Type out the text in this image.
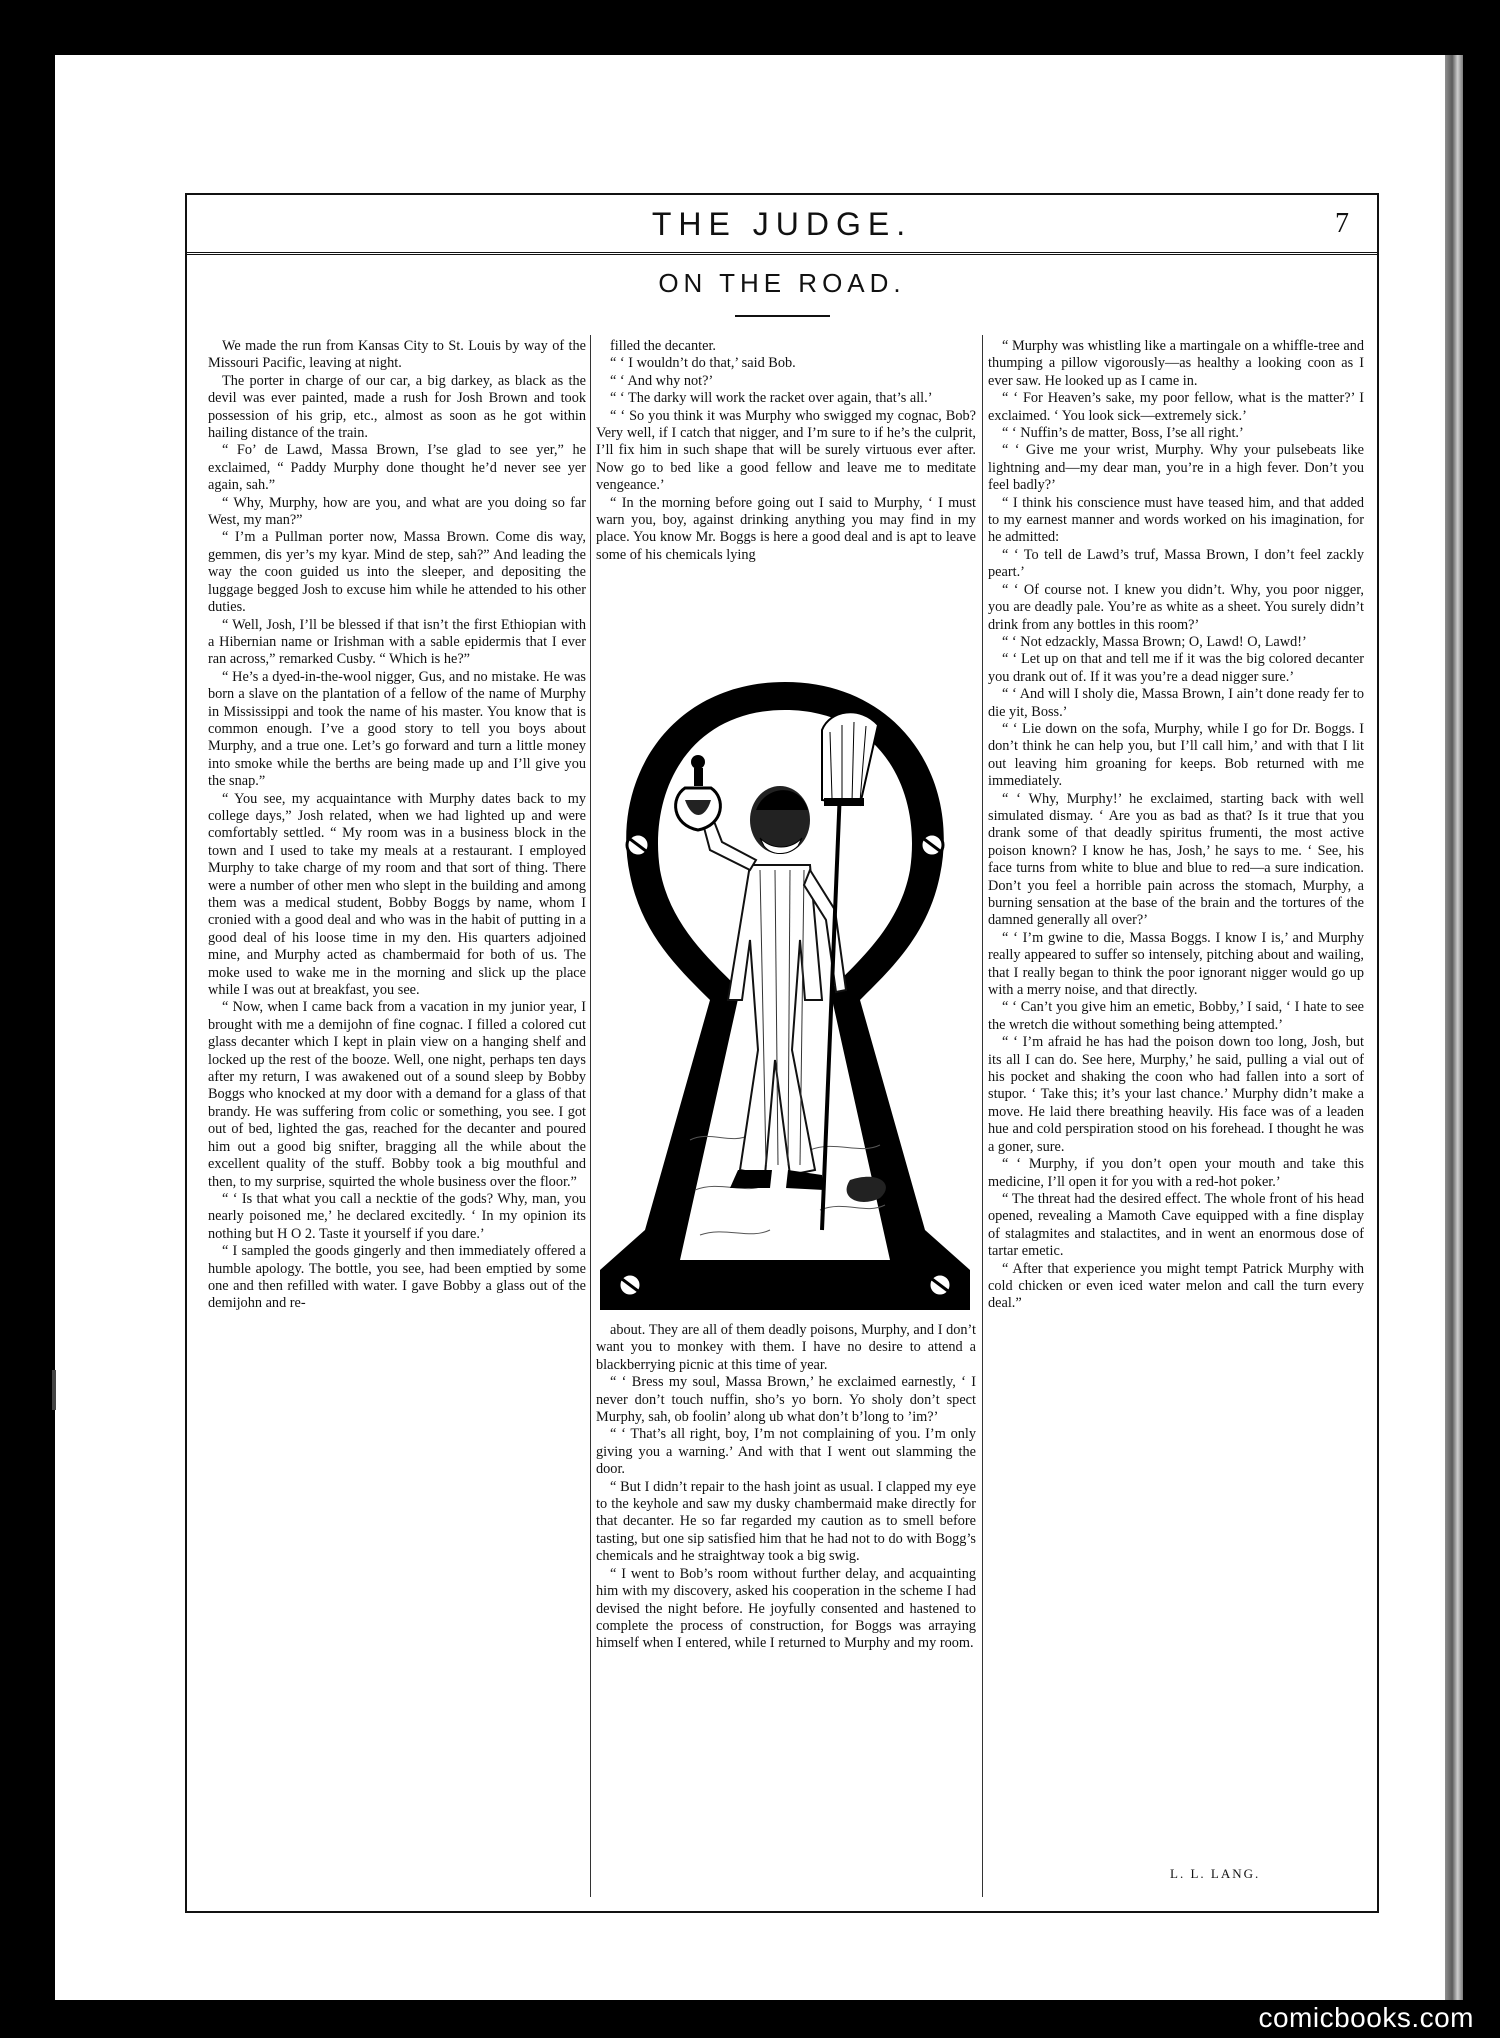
THE JUDGE.	7
ON THE ROAD.

We made the run from Kansas City to St. Louis by way of the Missouri Pacific, leaving at night.

The porter in charge of our car, a big darkey, as black as the devil was ever painted, made a rush for Josh Brown and took possession of his grip, etc., almost as soon as he got within hailing distance of the train.

“ Fo’ de Lawd, Massa Brown, I’se glad to see yer,” he exclaimed, “ Paddy Murphy done thought he’d never see yer again, sah.”

“ Why, Murphy, how are you, and what are you doing so far West, my man?”

“ I’m a Pullman porter now, Massa Brown. Come dis way, gemmen, dis yer’s my kyar. Mind de step, sah?” And leading the way the coon guided us into the sleeper, and depositing the luggage begged Josh to excuse him while he attended to his other duties.

“ Well, Josh, I’ll be blessed if that isn’t the first Ethiopian with a Hibernian name or Irishman with a sable epidermis that I ever ran across,” remarked Cusby. “ Which is he?”

“ He’s a dyed-in-the-wool nigger, Gus, and no mistake. He was born a slave on the plantation of a fellow of the name of Murphy in Mississippi and took the name of his master. You know that is common enough. I’ve a good story to tell you boys about Murphy, and a true one. Let’s go forward and turn a little money into smoke while the berths are being made up and I’ll give you the snap.”

“ You see, my acquaintance with Murphy dates back to my college days,” Josh related, when we had lighted up and were comfortably settled. “ My room was in a business block in the town and I used to take my meals at a restaurant. I employed Murphy to take charge of my room and that sort of thing. There were a number of other men who slept in the building and among them was a medical student, Bobby Boggs by name, whom I cronied with a good deal and who was in the habit of putting in a good deal of his loose time in my den. His quarters adjoined mine, and Murphy acted as chambermaid for both of us. The moke used to wake me in the morning and slick up the place while I was out at breakfast, you see.

“ Now, when I came back from a vacation in my junior year, I brought with me a demijohn of fine cognac. I filled a colored cut glass decanter which I kept in plain view on a hanging shelf and locked up the rest of the booze. Well, one night, perhaps ten days after my return, I was awakened out of a sound sleep by Bobby Boggs who knocked at my door with a demand for a glass of that brandy. He was suffering from colic or something, you see. I got out of bed, lighted the gas, reached for the decanter and poured him out a good big snifter, bragging all the while about the excellent quality of the stuff. Bobby took a big mouthful and then, to my surprise, squirted the whole business over the floor.”

“ ‘ Is that what you call a necktie of the gods? Why, man, you nearly poisoned me,’ he declared excitedly. ‘ In my opinion its nothing but H O 2. Taste it yourself if you dare.’

“ I sampled the goods gingerly and then immediately offered a humble apology. The bottle, you see, had been emptied by some one and then refilled with water. I gave Bobby a glass out of the demijohn and re-

filled the decanter.

“ ‘ I wouldn’t do that,’ said Bob.

“ ‘ And why not?’

“ ‘ The darky will work the racket over again, that’s all.’

“ ‘ So you think it was Murphy who swigged my cognac, Bob? Very well, if I catch that nigger, and I’m sure to if he’s the culprit, I’ll fix him in such shape that will be surely virtuous ever after. Now go to bed like a good fellow and leave me to meditate vengeance.’

“ In the morning before going out I said to Murphy, ‘ I must warn you, boy, against drinking anything you may find in my place. You know Mr. Boggs is here a good deal and is apt to leave some of his chemicals lying

about. They are all of them deadly poisons, Murphy, and I don’t want you to monkey with them. I have no desire to attend a blackberrying picnic at this time of year.

“ ‘ Bress my soul, Massa Brown,’ he exclaimed earnestly, ‘ I never don’t touch nuffin, sho’s yo born. Yo sholy don’t spect Murphy, sah, ob foolin’ along ub what don’t b’long to ’im?’

“ ‘ That’s all right, boy, I’m not complaining of you. I’m only giving you a warning.’ And with that I went out slamming the door.

“ But I didn’t repair to the hash joint as usual. I clapped my eye to the keyhole and saw my dusky chambermaid make directly for that decanter. He so far regarded my caution as to smell before tasting, but one sip satisfied him that he had not to do with Bogg’s chemicals and he straightway took a big swig.

“ I went to Bob’s room without further delay, and acquainting him with my discovery, asked his cooperation in the scheme I had devised the night before. He joyfully consented and hastened to complete the process of construction, for Boggs was arraying himself when I entered, while I returned to Murphy and my room.

“ Murphy was whistling like a martingale on a whiffle-tree and thumping a pillow vigorously—as healthy a looking coon as I ever saw. He looked up as I came in.

“ ‘ For Heaven’s sake, my poor fellow, what is the matter?’ I exclaimed. ‘ You look sick—extremely sick.’

“ ‘ Nuffin’s de matter, Boss, I’se all right.’

“ ‘ Give me your wrist, Murphy. Why your pulsebeats like lightning and—my dear man, you’re in a high fever. Don’t you feel badly?’

“ I think his conscience must have teased him, and that added to my earnest manner and words worked on his imagination, for he admitted:

“ ‘ To tell de Lawd’s truf, Massa Brown, I don’t feel zackly peart.’

“ ‘ Of course not. I knew you didn’t. Why, you poor nigger, you are deadly pale. You’re as white as a sheet. You surely didn’t drink from any bottles in this room?’

“ ‘ Not edzackly, Massa Brown; O, Lawd! O, Lawd!’

“ ‘ Let up on that and tell me if it was the big colored decanter you drank out of. If it was you’re a dead nigger sure.’

“ ‘ And will I sholy die, Massa Brown, I ain’t done ready fer to die yit, Boss.’

“ ‘ Lie down on the sofa, Murphy, while I go for Dr. Boggs. I don’t think he can help you, but I’ll call him,’ and with that I lit out leaving him groaning for keeps. Bob returned with me immediately.

“ ‘ Why, Murphy!’ he exclaimed, starting back with well simulated dismay. ‘ Are you as bad as that? Is it true that you drank some of that deadly spiritus frumenti, the most active poison known? I know he has, Josh,’ he says to me. ‘ See, his face turns from white to blue and blue to red—a sure indication. Don’t you feel a horrible pain across the stomach, Murphy, a burning sensation at the base of the brain and the tortures of the damned generally all over?’

“ ‘ I’m gwine to die, Massa Boggs. I know I is,’ and Murphy really appeared to suffer so intensely, pitching about and wailing, that I really began to think the poor ignorant nigger would go up with a merry noise, and that directly.

“ ‘ Can’t you give him an emetic, Bobby,’ I said, ‘ I hate to see the wretch die without something being attempted.’

“ ‘ I’m afraid he has had the poison down too long, Josh, but its all I can do. See here, Murphy,’ he said, pulling a vial out of his pocket and shaking the coon who had fallen into a sort of stupor. ‘ Take this; it’s your last chance.’ Murphy didn’t make a move. He laid there breathing heavily. His face was of a leaden hue and cold perspiration stood on his forehead. I thought he was a goner, sure.

“ ‘ Murphy, if you don’t open your mouth and take this medicine, I’ll open it for you with a red-hot poker.’

“ The threat had the desired effect. The whole front of his head opened, revealing a Mamoth Cave equipped with a fine display of stalagmites and stalactites, and in went an enormous dose of tartar emetic.

“ After that experience you might tempt Patrick Murphy with cold chicken or even iced water melon and call the turn every deal.”

L. L. LANG.
comicbooks.com
